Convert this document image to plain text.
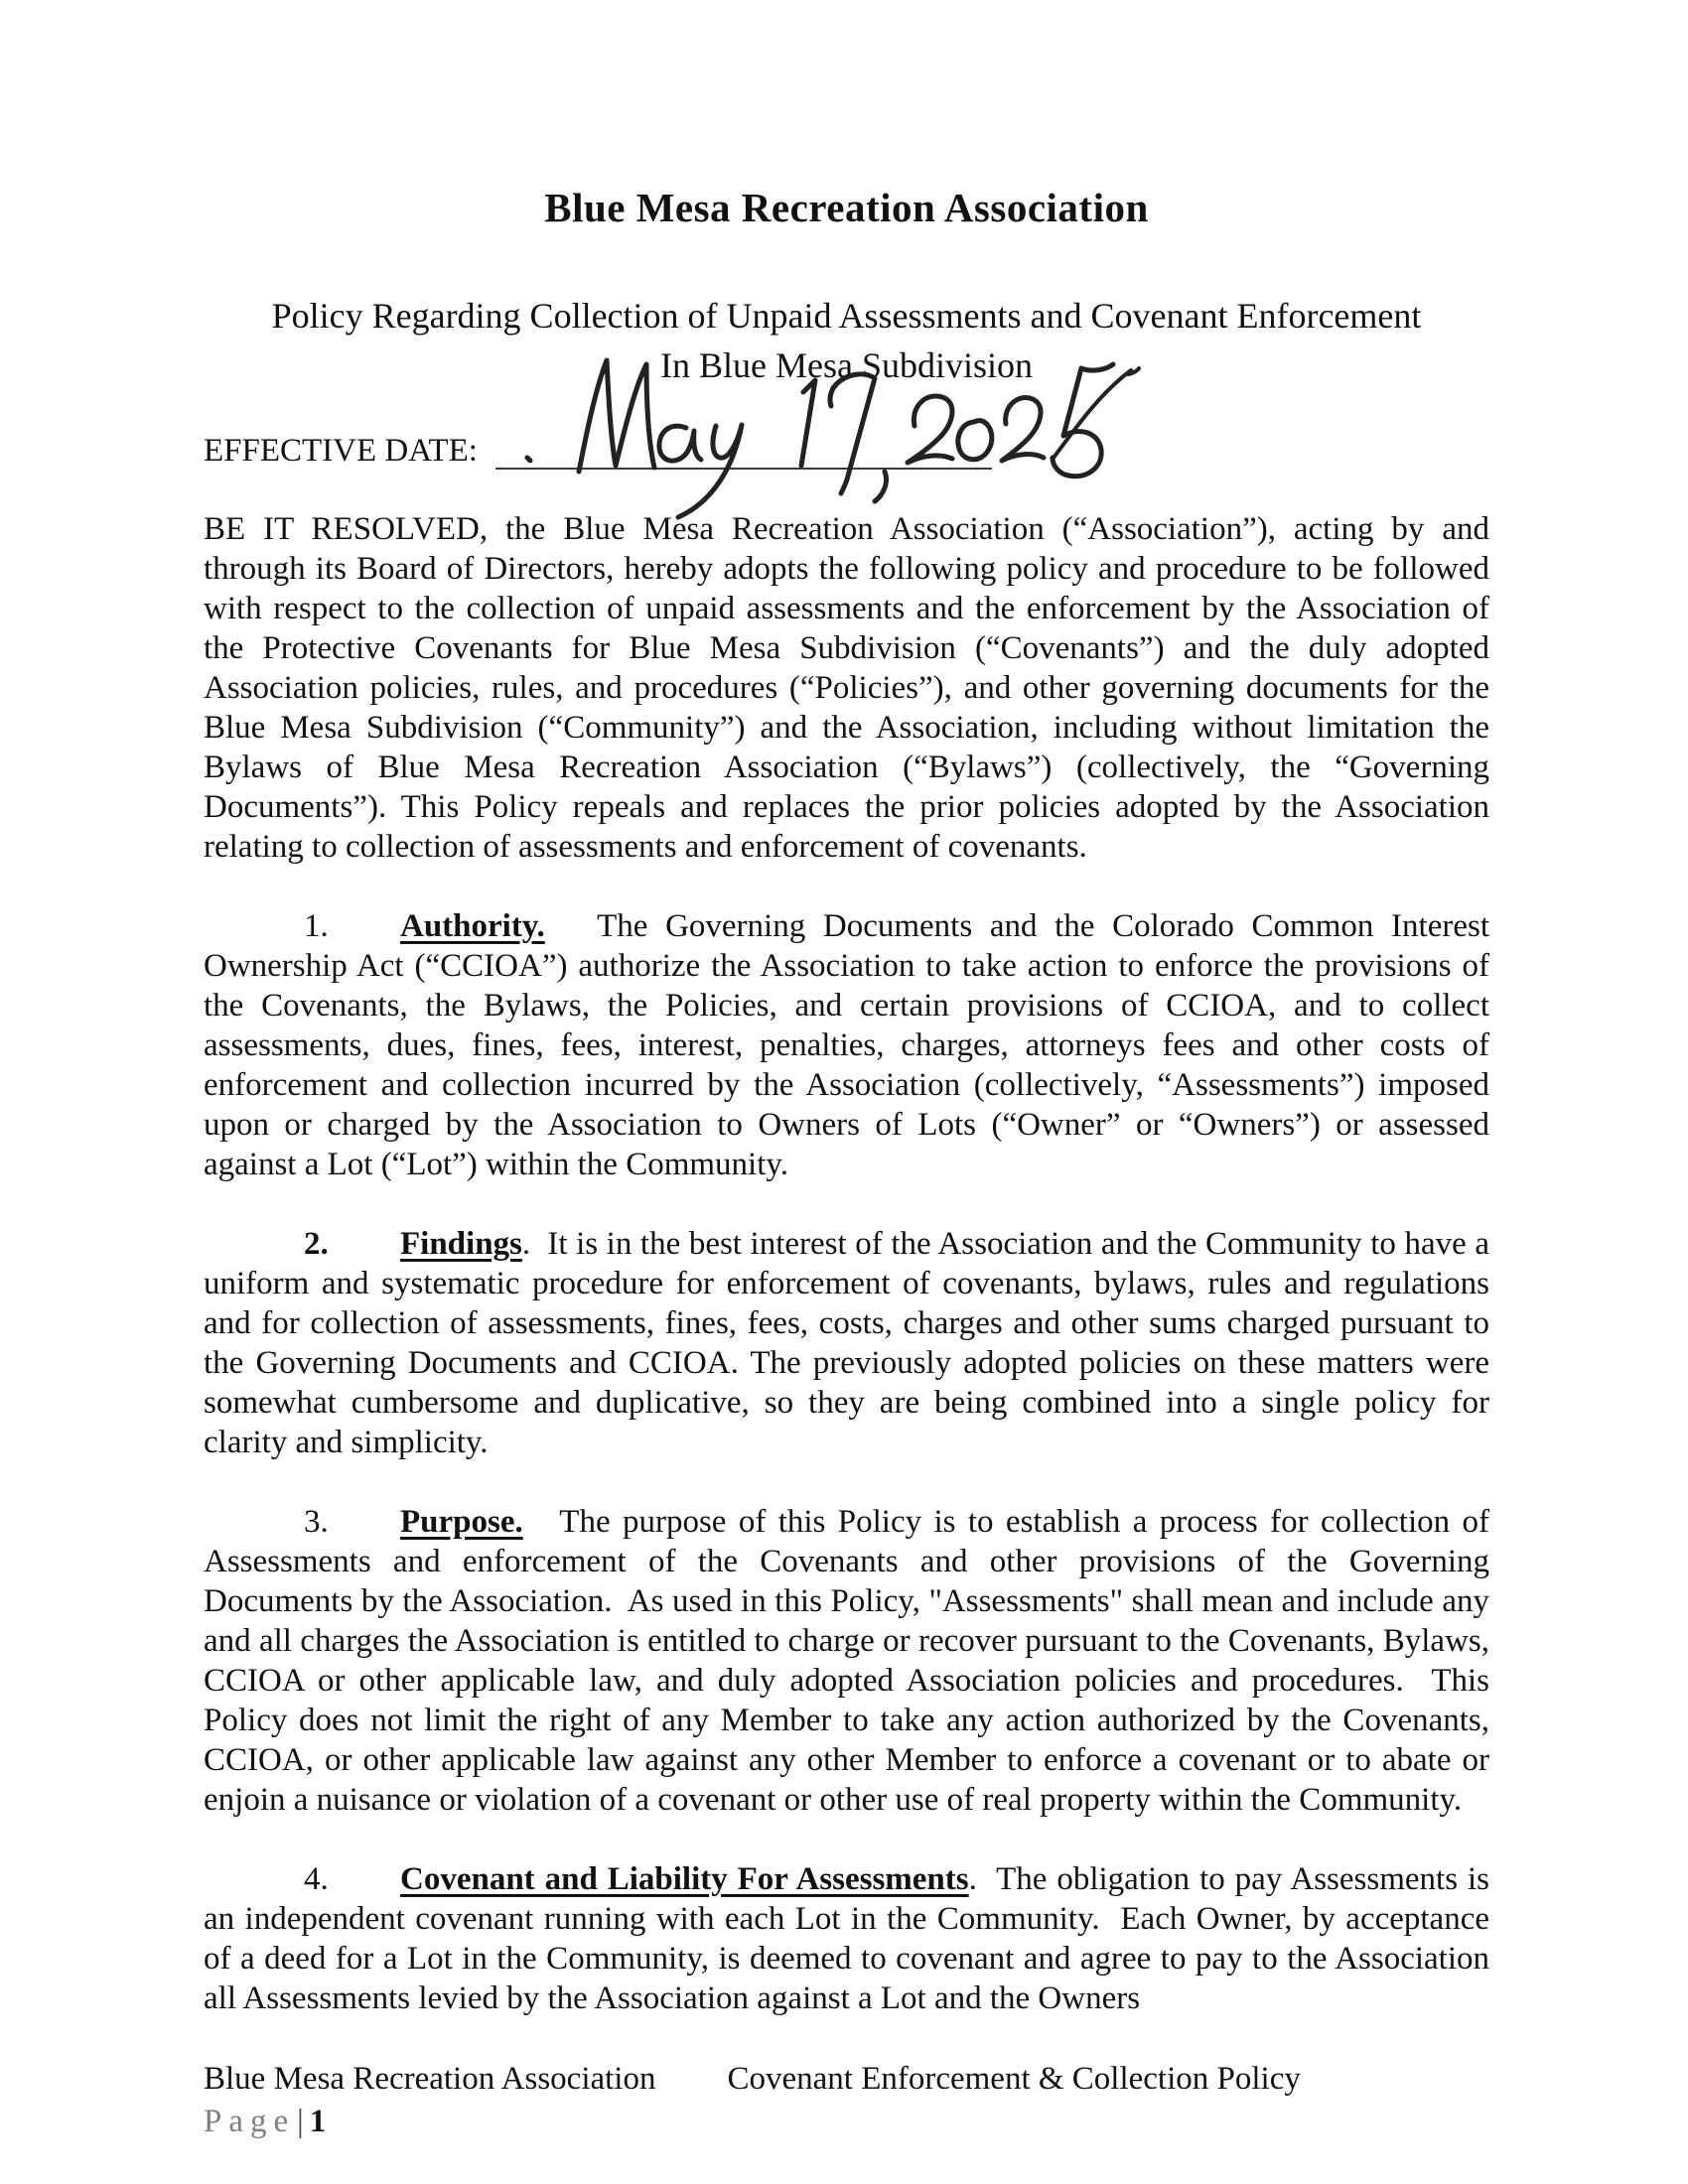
Blue Mesa Recreation Association
Policy Regarding Collection of Unpaid Assessments and Covenant Enforcement
In Blue Mesa Subdivision
EFFECTIVE DATE:

BE IT RESOLVED, the Blue Mesa Recreation Association (“Association”), acting by and through its Board of Directors, hereby adopts the following policy and procedure to be followed with respect to the collection of unpaid assessments and the enforcement by the Association of the Protective Covenants for Blue Mesa Subdivision (“Covenants”) and the duly adopted Association policies, rules, and procedures (“Policies”), and other governing documents for the Blue Mesa Subdivision (“Community”) and the Association, including without limitation the Bylaws of Blue Mesa Recreation Association (“Bylaws”) (collectively, the “Governing Documents”). This Policy repeals and replaces the prior policies adopted by the Association relating to collection of assessments and enforcement of covenants.

1. Authority. The Governing Documents and the Colorado Common Interest Ownership Act (“CCIOA”) authorize the Association to take action to enforce the provisions of the Covenants, the Bylaws, the Policies, and certain provisions of CCIOA, and to collect assessments, dues, fines, fees, interest, penalties, charges, attorneys fees and other costs of enforcement and collection incurred by the Association (collectively, “Assessments”) imposed upon or charged by the Association to Owners of Lots (“Owner” or “Owners”) or assessed against a Lot (“Lot”) within the Community.

2. Findings.  It is in the best interest of the Association and the Community to have a uniform and systematic procedure for enforcement of covenants, bylaws, rules and regulations and for collection of assessments, fines, fees, costs, charges and other sums charged pursuant to the Governing Documents and CCIOA. The previously adopted policies on these matters were somewhat cumbersome and duplicative, so they are being combined into a single policy for clarity and simplicity.

3. Purpose. The purpose of this Policy is to establish a process for collection of Assessments and enforcement of the Covenants and other provisions of the Governing Documents by the Association.  As used in this Policy, "Assessments" shall mean and include any and all charges the Association is entitled to charge or recover pursuant to the Covenants, Bylaws, CCIOA or other applicable law, and duly adopted Association policies and procedures.  This Policy does not limit the right of any Member to take any action authorized by the Covenants, CCIOA, or other applicable law against any other Member to enforce a covenant or to abate or enjoin a nuisance or violation of a covenant or other use of real property within the Community.

4. Covenant and Liability For Assessments.  The obligation to pay Assessments is an independent covenant running with each Lot in the Community.  Each Owner, by acceptance of a deed for a Lot in the Community, is deemed to covenant and agree to pay to the Association all Assessments levied by the Association against a Lot and the Owners

Blue Mesa Recreation Association Covenant Enforcement & Collection Policy
Page| 1
